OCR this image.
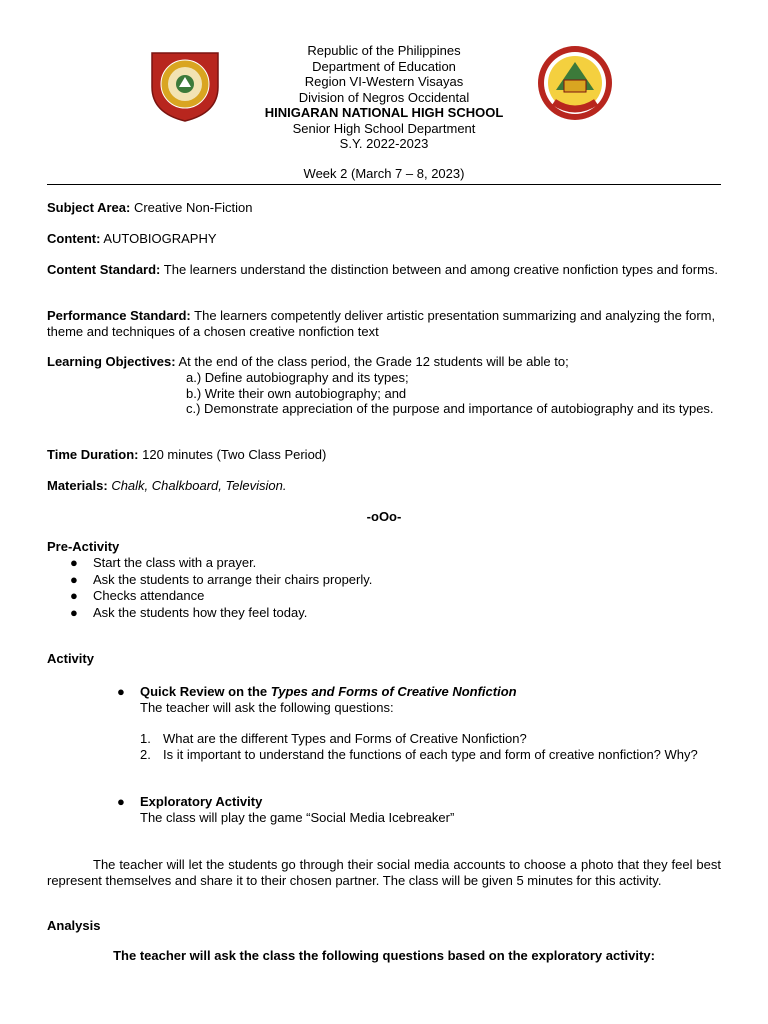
Republic of the Philippines
Department of Education
Region VI-Western Visayas
Division of Negros Occidental
HINIGARAN NATIONAL HIGH SCHOOL
Senior High School Department
S.Y. 2022-2023
Week 2 (March 7 – 8, 2023)
Subject Area: Creative Non-Fiction
Content: AUTOBIOGRAPHY
Content Standard: The learners understand the distinction between and among creative nonfiction types and forms.
Performance Standard: The learners competently deliver artistic presentation summarizing and analyzing the form, theme and techniques of a chosen creative nonfiction text
Learning Objectives: At the end of the class period, the Grade 12 students will be able to;
a.) Define autobiography and its types;
b.) Write their own autobiography; and
c.) Demonstrate appreciation of the purpose and importance of autobiography and its types.
Time Duration: 120 minutes (Two Class Period)
Materials: Chalk, Chalkboard, Television.
-oOo-
Pre-Activity
● Start the class with a prayer.
● Ask the students to arrange their chairs properly.
● Checks attendance
● Ask the students how they feel today.
Activity
● Quick Review on the Types and Forms of Creative Nonfiction
The teacher will ask the following questions:
1. What are the different Types and Forms of Creative Nonfiction?
2. Is it important to understand the functions of each type and form of creative nonfiction? Why?
● Exploratory Activity
The class will play the game “Social Media Icebreaker”
The teacher will let the students go through their social media accounts to choose a photo that they feel best represent themselves and share it to their chosen partner. The class will be given 5 minutes for this activity.
Analysis
The teacher will ask the class the following questions based on the exploratory activity:
